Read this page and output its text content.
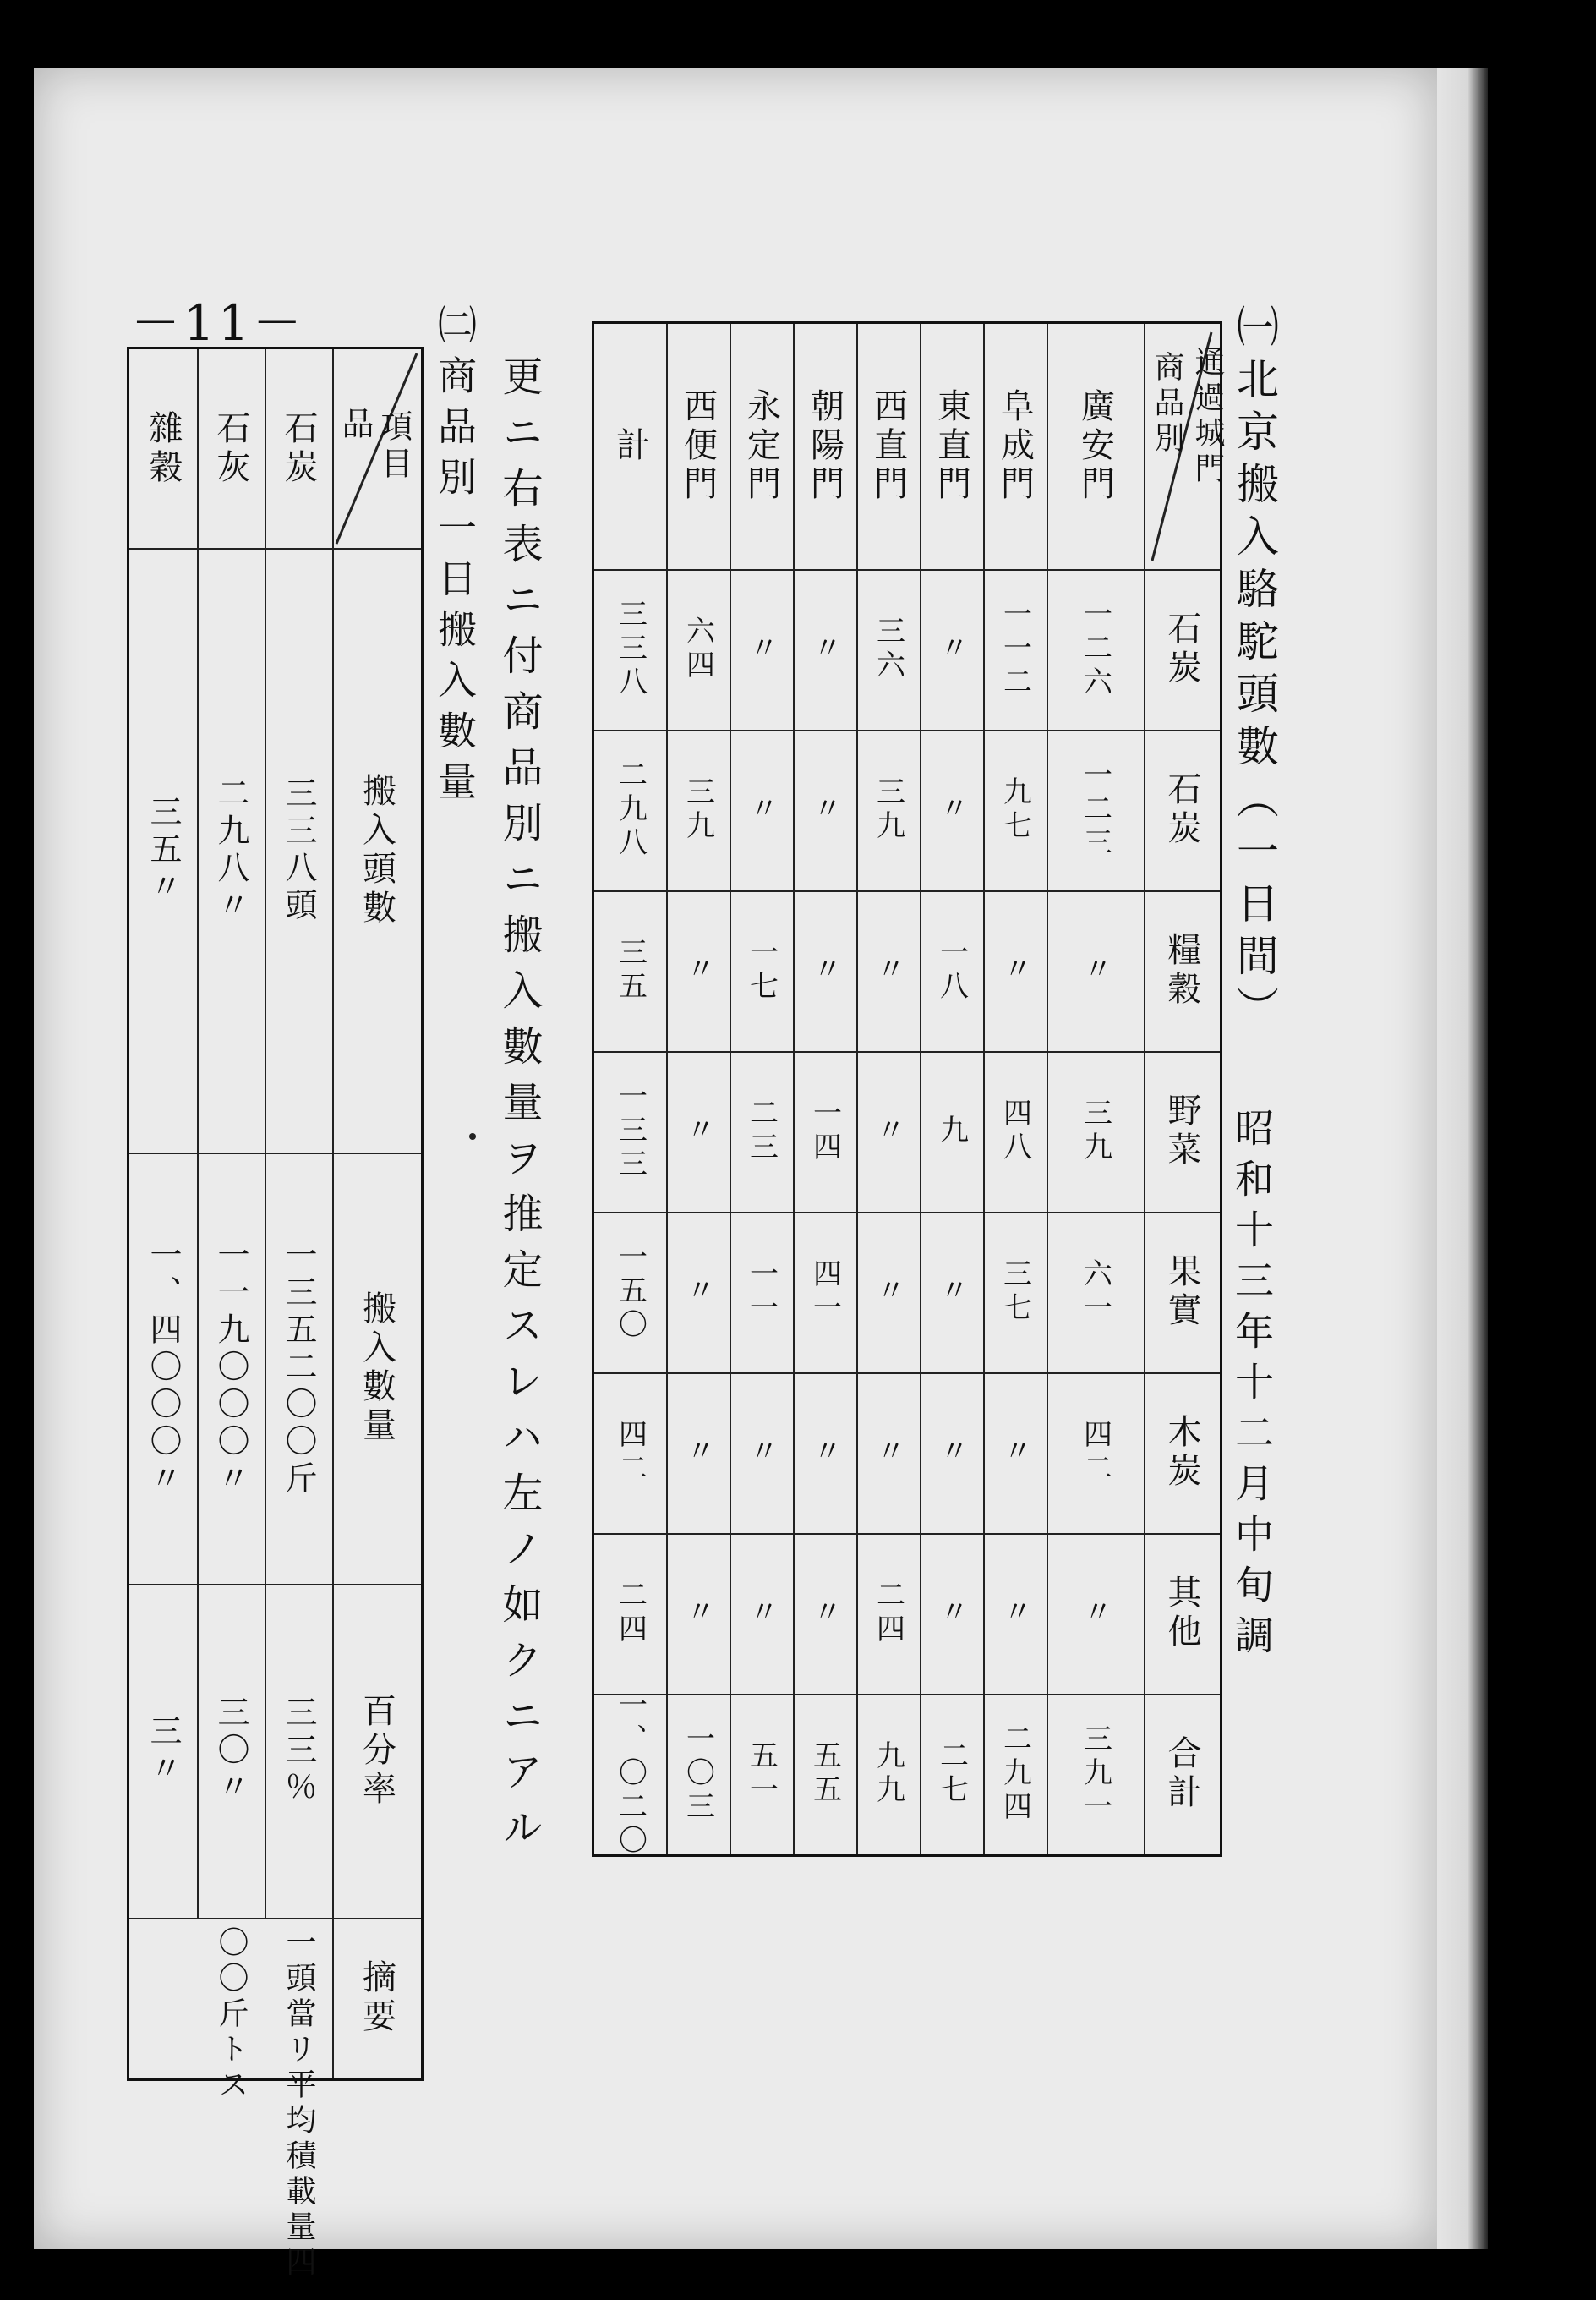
－11－	㈠北京搬入駱駝頭數（一日間）
昭和十三年十二月中旬調
商品別 通過城門
石炭
石炭
糧穀
野菜
果實
木炭
其他
合計
計
三三八
二九八
三五
一三三
一五〇
四二
二四
一、〇二〇
西便門
六四
三九
〃
〃
〃
〃
〃
一〇三
永定門
〃
〃
一七
二三
一一
〃
〃
五一
朝陽門
〃
〃
〃
一四
四一
〃
〃
五五
西直門
三六
三九
〃
〃
〃
〃
二四
九九
東直門
〃
〃
一八
九
〃
〃
〃
二七
阜成門
一一二
九七
〃
四八
三七
〃
〃
二九四
廣安門
一二六
一二三
〃
三九
六一
四二
〃
三九一
更ニ右表ニ付商品別ニ搬入數量ヲ推定スレハ左ノ如クニアル
㈡商品別一日搬入數量
品 項目
搬入頭數
搬入數量
百分率
摘要
雜穀
三五〃
一、四〇〇〇〃
三〃
石灰
二九八〃
一一九〇〇〇〃
三〇〃
石炭
三三八頭
一三五二〇〇斤
三三％
一頭當リ平均積載量四
〇〇斤トス
